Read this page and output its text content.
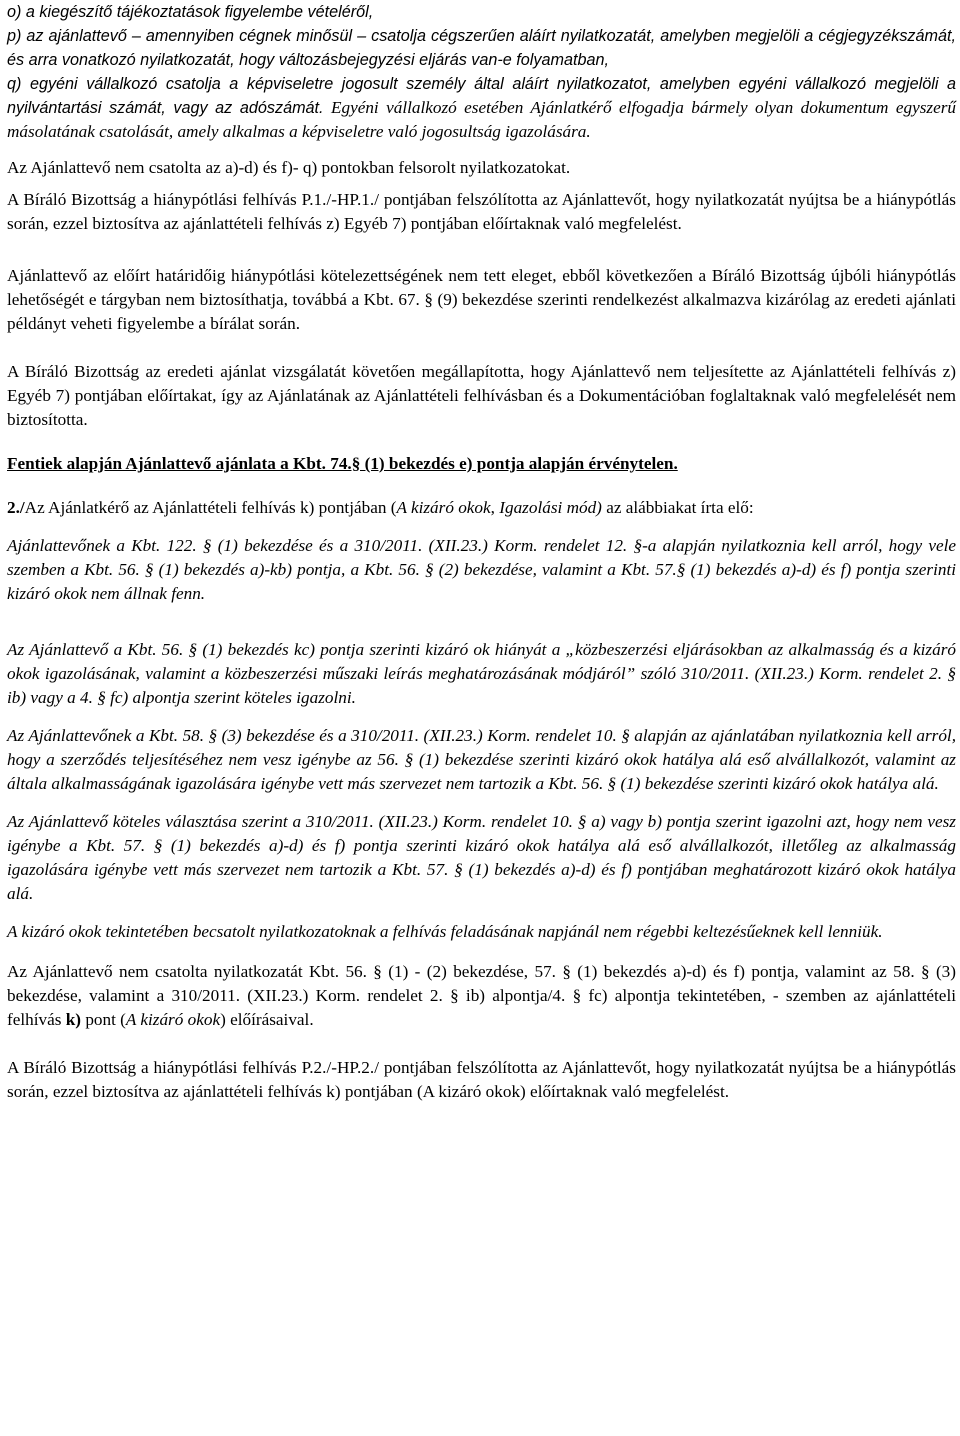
o) a kiegészítő tájékoztatások figyelembe vételéről,

p) az ajánlattevő – amennyiben cégnek minősül – csatolja cégszerűen aláírt nyilatkozatát, amelyben megjelöli a cégjegyzékszámát, és arra vonatkozó nyilatkozatát, hogy változásbejegyzési eljárás van-e folyamatban,

q) egyéni vállalkozó csatolja a képviseletre jogosult személy által aláírt nyilatkozatot, amelyben egyéni vállalkozó megjelöli a nyilvántartási számát, vagy az adószámát. Egyéni vállalkozó esetében Ajánlatkérő elfogadja bármely olyan dokumentum egyszerű másolatának csatolását, amely alkalmas a képviseletre való jogosultság igazolására.

Az Ajánlattevő nem csatolta az a)-d) és f)- q) pontokban felsorolt nyilatkozatokat.

A Bíráló Bizottság a hiánypótlási felhívás P.1./-HP.1./ pontjában felszólította az Ajánlattevőt, hogy nyilatkozatát nyújtsa be a hiánypótlás során, ezzel biztosítva az ajánlattételi felhívás z) Egyéb 7) pontjában előírtaknak való megfelelést.

Ajánlattevő az előírt határidőig hiánypótlási kötelezettségének nem tett eleget, ebből következően a Bíráló Bizottság újbóli hiánypótlás lehetőségét e tárgyban nem biztosíthatja, továbbá a Kbt. 67. § (9) bekezdése szerinti rendelkezést alkalmazva kizárólag az eredeti ajánlati példányt veheti figyelembe a bírálat során.

A Bíráló Bizottság az eredeti ajánlat vizsgálatát követően megállapította, hogy Ajánlattevő nem teljesítette az Ajánlattételi felhívás z) Egyéb 7) pontjában előírtakat, így az Ajánlatának az Ajánlattételi felhívásban és a Dokumentációban foglaltaknak való megfelelését nem biztosította.

Fentiek alapján Ajánlattevő ajánlata a Kbt. 74.§ (1) bekezdés e) pontja alapján érvénytelen.

2./Az Ajánlatkérő az Ajánlattételi felhívás k) pontjában (A kizáró okok, Igazolási mód) az alábbiakat írta elő:

Ajánlattevőnek a Kbt. 122. § (1) bekezdése és a 310/2011. (XII.23.) Korm. rendelet 12. §-a alapján nyilatkoznia kell arról, hogy vele szemben a Kbt. 56. § (1) bekezdés a)-kb) pontja, a Kbt. 56. § (2) bekezdése, valamint a Kbt. 57.§ (1) bekezdés a)-d) és f) pontja szerinti kizáró okok nem állnak fenn.

Az Ajánlattevő a Kbt. 56. § (1) bekezdés kc) pontja szerinti kizáró ok hiányát a „közbeszerzési eljárásokban az alkalmasság és a kizáró okok igazolásának, valamint a közbeszerzési műszaki leírás meghatározásának módjáról” szóló 310/2011. (XII.23.) Korm. rendelet 2. § ib) vagy a 4. § fc) alpontja szerint köteles igazolni.

Az Ajánlattevőnek a Kbt. 58. § (3) bekezdése és a 310/2011. (XII.23.) Korm. rendelet 10. § alapján az ajánlatában nyilatkoznia kell arról, hogy a szerződés teljesítéséhez nem vesz igénybe az 56. § (1) bekezdése szerinti kizáró okok hatálya alá eső alvállalkozót, valamint az általa alkalmasságának igazolására igénybe vett más szervezet nem tartozik a Kbt. 56. § (1) bekezdése szerinti kizáró okok hatálya alá.

Az Ajánlattevő köteles választása szerint a 310/2011. (XII.23.) Korm. rendelet 10. § a) vagy b) pontja szerint igazolni azt, hogy nem vesz igénybe a Kbt. 57. § (1) bekezdés a)-d) és f) pontja szerinti kizáró okok hatálya alá eső alvállalkozót, illetőleg az alkalmasság igazolására igénybe vett más szervezet nem tartozik a Kbt. 57. § (1) bekezdés a)-d) és f) pontjában meghatározott kizáró okok hatálya alá.

A kizáró okok tekintetében becsatolt nyilatkozatoknak a felhívás feladásának napjánál nem régebbi keltezésűeknek kell lenniük.

Az Ajánlattevő nem csatolta nyilatkozatát Kbt. 56. § (1) - (2) bekezdése, 57. § (1) bekezdés a)-d) és f) pontja, valamint az 58. § (3) bekezdése, valamint a 310/2011. (XII.23.) Korm. rendelet 2. § ib) alpontja/4. § fc) alpontja tekintetében, - szemben az ajánlattételi felhívás k) pont (A kizáró okok) előírásaival.

A Bíráló Bizottság a hiánypótlási felhívás P.2./-HP.2./ pontjában felszólította az Ajánlattevőt, hogy nyilatkozatát nyújtsa be a hiánypótlás során, ezzel biztosítva az ajánlattételi felhívás k) pontjában (A kizáró okok) előírtaknak való megfelelést.
